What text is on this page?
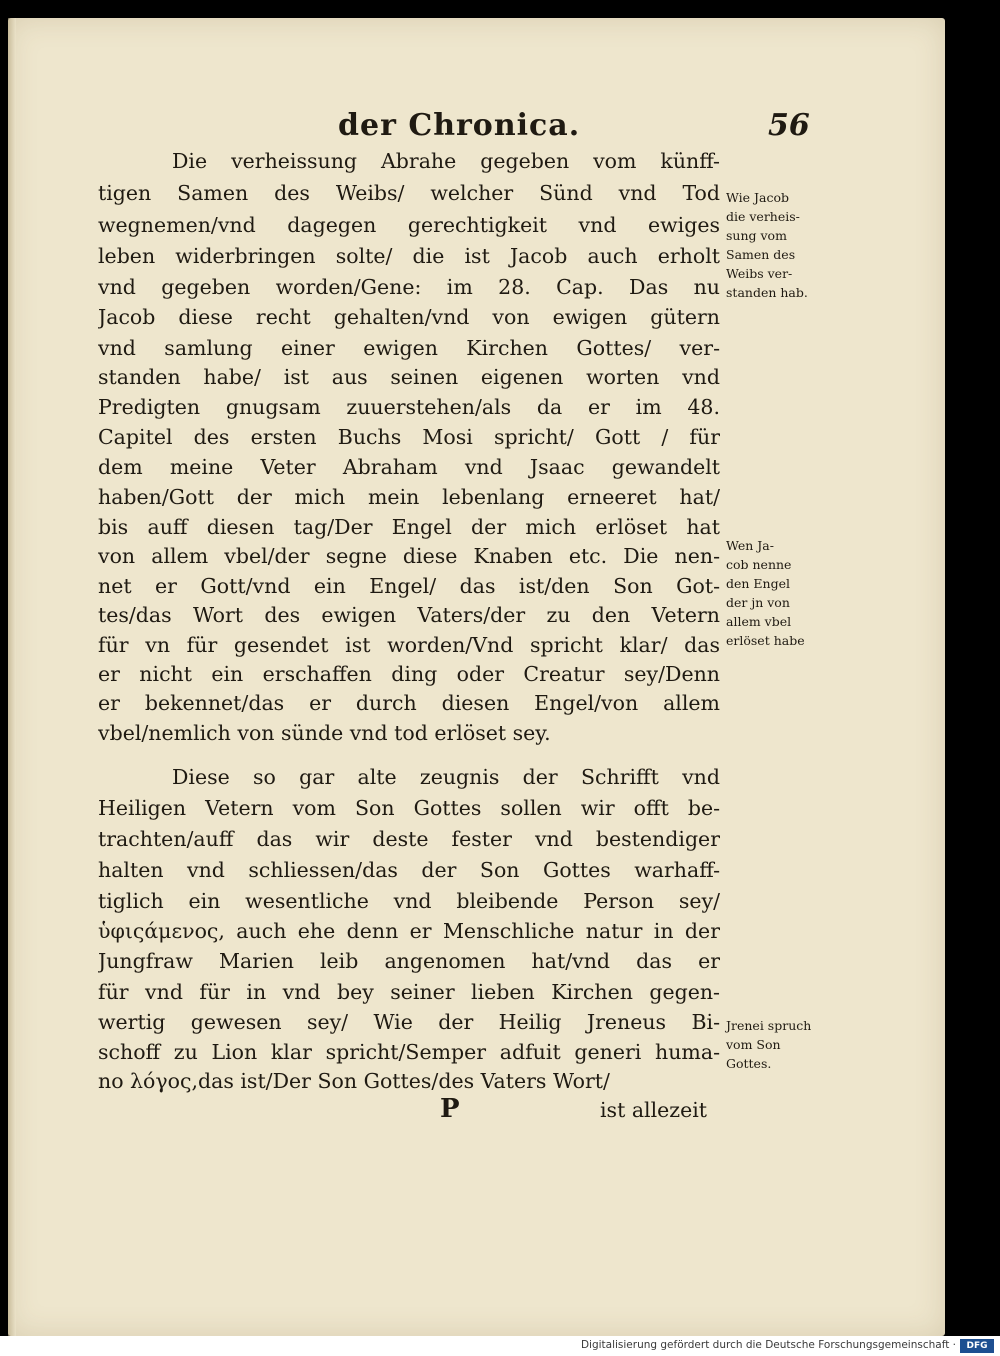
der Chronica.	56
Die verheissung Abrahe gegeben vom künff-
tigen Samen des Weibs/ welcher Sünd vnd Tod
wegnemen/vnd dagegen gerechtigkeit vnd ewiges
leben widerbringen solte/ die ist Jacob auch erholt
vnd gegeben worden/Gene: im 28. Cap. Das nu
Jacob diese recht gehalten/vnd von ewigen gütern
vnd samlung einer ewigen Kirchen Gottes/ ver-
standen habe/ ist aus seinen eigenen worten vnd
Predigten gnugsam zuuerstehen/als da er im 48.
Capitel des ersten Buchs Mosi spricht/ Gott / für
dem meine Veter Abraham vnd Jsaac gewandelt
haben/Gott der mich mein lebenlang erneeret hat/
bis auff diesen tag/Der Engel der mich erlöset hat
von allem vbel/der segne diese Knaben etc. Die nen-
net er Gott/vnd ein Engel/ das ist/den Son Got-
tes/das Wort des ewigen Vaters/der zu den Vetern
für vn für gesendet ist worden/Vnd spricht klar/ das
er nicht ein erschaffen ding oder Creatur sey/Denn
er bekennet/das er durch diesen Engel/von allem
vbel/nemlich von sünde vnd tod erlöset sey.
Diese so gar alte zeugnis der Schrifft vnd
Heiligen Vetern vom Son Gottes sollen wir offt be-
trachten/auff das wir deste fester vnd bestendiger
halten vnd schliessen/das der Son Gottes warhaff-
tiglich ein wesentliche vnd bleibende Person sey/
ὑφιςάμενος, auch ehe denn er Menschliche natur in der
Jungfraw Marien leib angenomen hat/vnd das er
für vnd für in vnd bey seiner lieben Kirchen gegen-
wertig gewesen sey/ Wie der Heilig Jreneus Bi-
schoff zu Lion klar spricht/Semper adfuit generi huma-
no λόγος,das ist/Der Son Gottes/des Vaters Wort/
P	ist allezeit
Wie Jacob
die verheis-
sung vom
Samen des
Weibs ver-
standen hab.
Wen Ja-
cob nenne
den Engel
der jn von
allem vbel
erlöset habe
Jrenei spruch
vom Son
Gottes.
Digitalisierung gefördert durch die Deutsche Forschungsgemeinschaft ·	DFG
